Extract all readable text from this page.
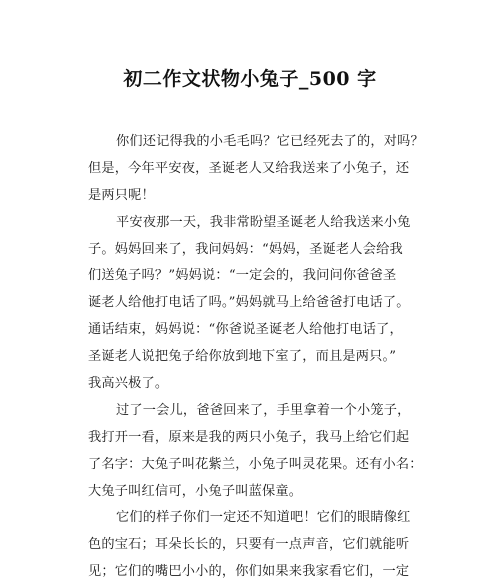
初二作文状物小兔子_500 字
你们还记得我的小毛毛吗？它已经死去了的，对吗？
但是，今年平安夜，圣诞老人又给我送来了小兔子，还
是两只呢！
平安夜那一天，我非常盼望圣诞老人给我送来小兔
子。妈妈回来了，我问妈妈：“妈妈，圣诞老人会给我
们送兔子吗？”妈妈说：“一定会的，我问问你爸爸圣
诞老人给他打电话了吗。”妈妈就马上给爸爸打电话了。
通话结束，妈妈说：“你爸说圣诞老人给他打电话了，
圣诞老人说把兔子给你放到地下室了，而且是两只。”
我高兴极了。
过了一会儿，爸爸回来了，手里拿着一个小笼子，
我打开一看，原来是我的两只小兔子，我马上给它们起
了名字：大兔子叫花紫兰，小兔子叫灵花果。还有小名：
大兔子叫红信可，小兔子叫蓝保童。
它们的样子你们一定还不知道吧！它们的眼睛像红
色的宝石；耳朵长长的，只要有一点声音，它们就能听
见；它们的嘴巴小小的，你们如果来我家看它们，一定
